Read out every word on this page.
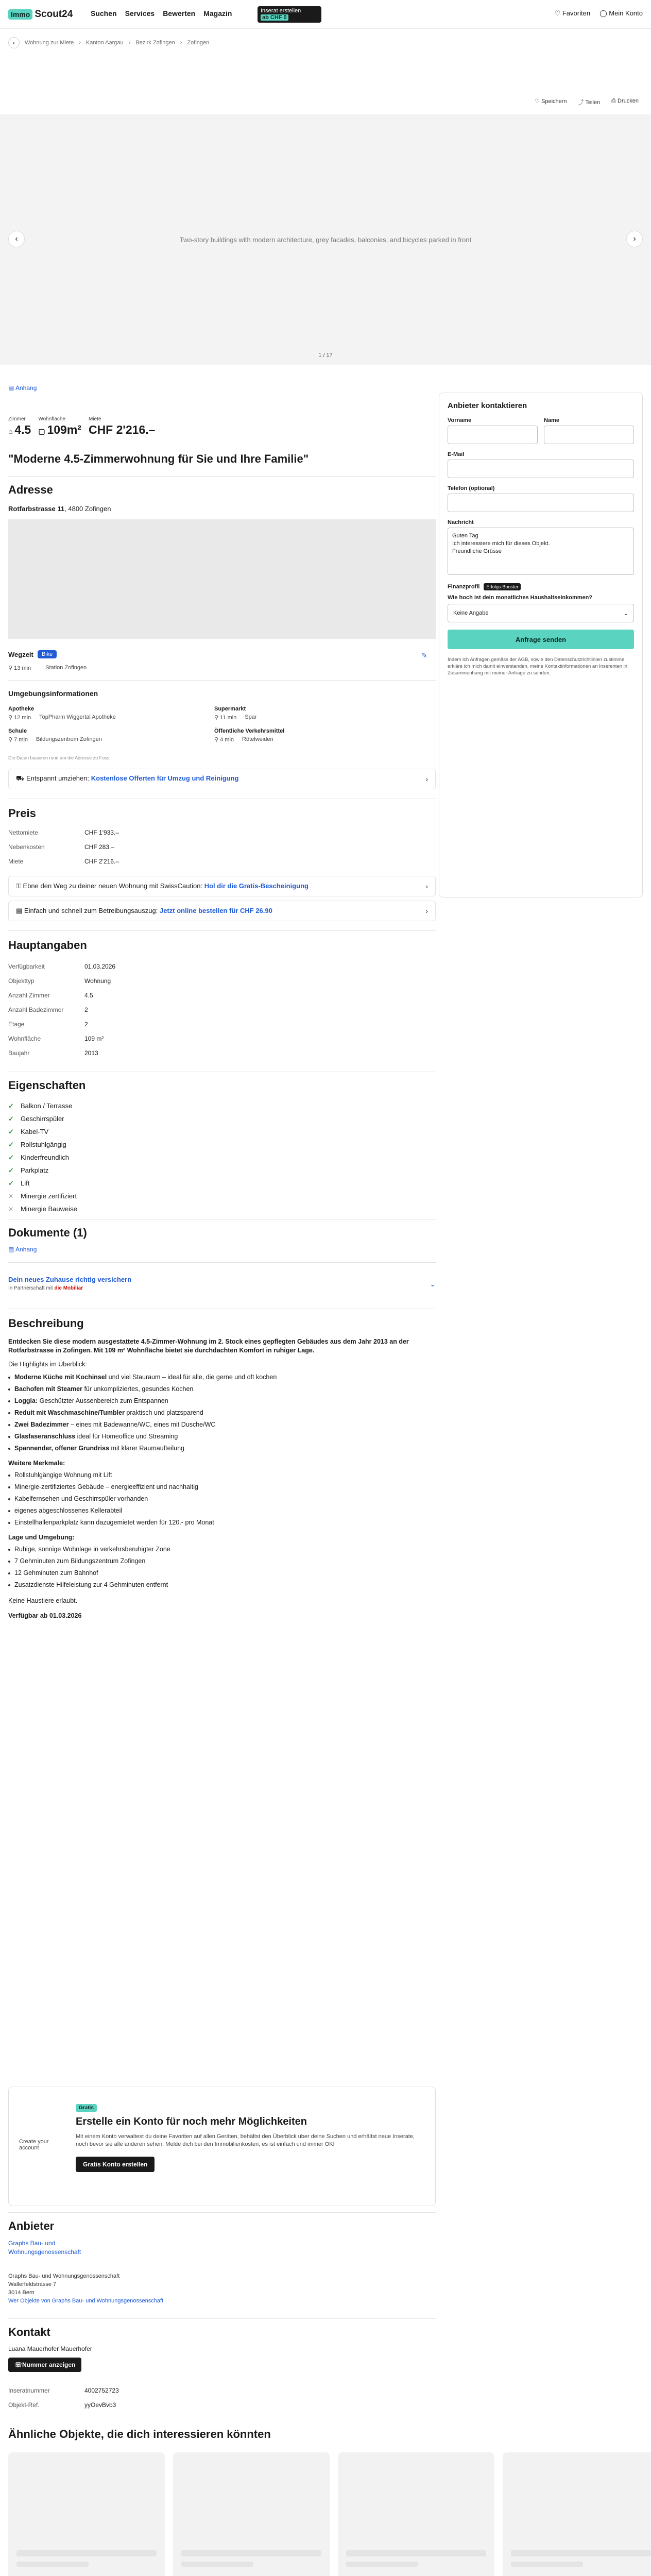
Immo Scout24 Suchen Services Bewerten Magazin	Inserat erstellen
ab CHF 0
♡ Favoriten ◯ Mein Konto
‹	Wohnung zur Miete › Kanton Aargau › Bezirk Zofingen › Zofingen
♡ Speichern ⤴ Teilen ⎙ Drucken
Two-story buildings with modern architecture, grey facades, balconies, and bicycles parked in front
‹	›
1 / 17
▤ Anhang
Zimmer
⌂ 4.5
Wohnfläche
▢ 109m²
Miete
CHF 2'216.–
"Moderne 4.5-Zimmerwohnung für Sie und Ihre Familie"
Adresse
Rotfarbstrasse 11, 4800 Zofingen
Wegzeit	Bike
⚲ 13 min	Station Zofingen
✎
Umgebungsinformationen
Apotheke
⚲ 12 min TopPharm Wiggertal Apotheke
Supermarkt
⚲ 11 min Spar
Schule
⚲ 7 min Bildungszentrum Zofingen
Öffentliche Verkehrsmittel
⚲ 4 min Rötelweiden
Die Daten basieren rund um die Adresse zu Fuss.
⛟ Entspannt umziehen: Kostenlose Offerten für Umzug und Reinigung	›
Preis
Nettomiete	CHF 1'933.–
Nebenkosten	CHF 283.–
Miete	CHF 2'216.–
⚿ Ebne den Weg zu deiner neuen Wohnung mit SwissCaution: Hol dir die Gratis-Bescheinigung	›
▤ Einfach und schnell zum Betreibungsauszug: Jetzt online bestellen für CHF 26.90	›
Hauptangaben
Verfügbarkeit	01.03.2026
Objekttyp	Wohnung
Anzahl Zimmer	4.5
Anzahl Badezimmer	2
Etage	2
Wohnfläche	109 m²
Baujahr	2013
Eigenschaften
✓ Balkon / Terrasse
✓ Geschirrspüler
✓ Kabel-TV
✓ Rollstuhlgängig
✓ Kinderfreundlich
✓ Parkplatz
✓ Lift
✕	Minergie zertifiziert
✕	Minergie Bauweise
Dokumente (1)
▤ Anhang
Dein neues Zuhause richtig versichern
In Partnerschaft mit die Mobiliar
⌄
Beschreibung

Entdecken Sie diese modern ausgestattete 4.5-Zimmer-Wohnung im 2. Stock eines gepflegten Gebäudes aus dem Jahr 2013 an der Rotfarbstrasse in Zofingen. Mit 109 m² Wohnfläche bietet sie durchdachten Komfort in ruhiger Lage.

Die Highlights im Überblick:

Moderne Küche mit Kochinsel und viel Stauraum – ideal für alle, die gerne und oft kochen
Bachofen mit Steamer für unkompliziertes, gesundes Kochen
Loggia: Geschützter Aussenbereich zum Entspannen
Reduit mit Waschmaschine/Tumbler praktisch und platzsparend
Zwei Badezimmer – eines mit Badewanne/WC, eines mit Dusche/WC
Glasfaseranschluss ideal für Homeoffice und Streaming
Spannender, offener Grundriss mit klarer Raumaufteilung

Weitere Merkmale:

Rollstuhlgängige Wohnung mit Lift
Minergie-zertifiziertes Gebäude – energieeffizient und nachhaltig
Kabelfernsehen und Geschirrspüler vorhanden
eigenes abgeschlossenes Kellerabteil
Einstellhallenparkplatz kann dazugemietet werden für 120.- pro Monat

Lage und Umgebung:

Ruhige, sonnige Wohnlage in verkehrsberuhigter Zone
7 Gehminuten zum Bildungszentrum Zofingen
12 Gehminuten zum Bahnhof
Zusatzdienste Hilfeleistung zur 4 Gehminuten entfernt

Keine Haustiere erlaubt.

Verfügbar ab 01.03.2026

Create your account
Gratis
Erstelle ein Konto für noch mehr Möglichkeiten
Mit einem Konto verwaltest du deine Favoriten auf allen Geräten, behältst den Überblick über deine Suchen und erhältst neue Inserate, noch bevor sie alle anderen sehen. Melde dich bei den Immobilienkosten, es ist einfach und immer OK!
Gratis Konto erstellen
Anbieter
Graphs Bau- und Wohnungsgenossenschaft
Graphs Bau- und Wohnungsgenossenschaft
Wallerfeldstrasse 7
3014 Bern
Wer Objekte von Graphs Bau- und Wohnungsgenossenschaft
Kontakt
Luana Mauerhofer Mauerhofer
☏ Nummer anzeigen
Inseratnummer	4002752723
Objekt-Ref.	yyOevBvb3
Ähnliche Objekte, die dich interessieren könnten
Anbieter kontaktieren
Vorname	Name
E-Mail
Telefon (optional)
Nachricht
Guten Tag
Ich interessiere mich für dieses Objekt.
Freundliche Grüsse
Finanzprofil	Erfolgs-Booster
Wie hoch ist dein monatliches Haushaltseinkommen?
Keine Angabe	⌄
Anfrage senden
Indem ich Anfragen gemäss der AGB, sowie den Datenschutzrichtlinien zustimme, erkläre ich mich damit einverstanden, meine Kontaktinformationen an Inserenten in Zusammenhang mit meiner Anfrage zu senden.
